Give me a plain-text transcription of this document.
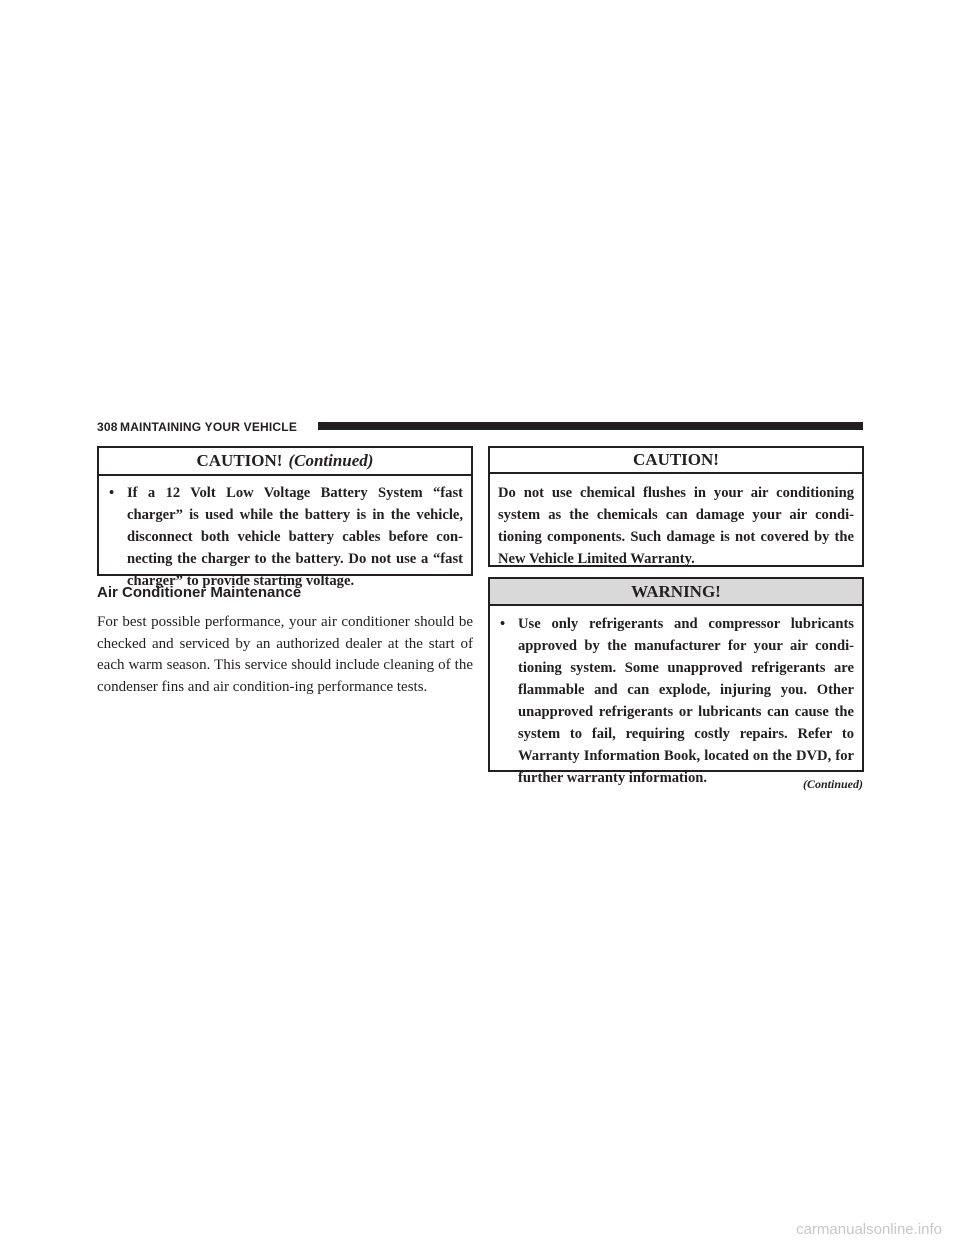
308 MAINTAINING YOUR VEHICLE
CAUTION! (Continued)
• If a 12 Volt Low Voltage Battery System “fast charger” is used while the battery is in the vehicle, disconnect both vehicle battery cables before con-necting the charger to the battery. Do not use a “fast charger” to provide starting voltage.
Air Conditioner Maintenance
For best possible performance, your air conditioner should be checked and serviced by an authorized dealer at the start of each warm season. This service should include cleaning of the condenser fins and air condition-ing performance tests.
CAUTION!
Do not use chemical flushes in your air conditioning system as the chemicals can damage your air condi-tioning components. Such damage is not covered by the New Vehicle Limited Warranty.
WARNING!
• Use only refrigerants and compressor lubricants approved by the manufacturer for your air condi-tioning system. Some unapproved refrigerants are flammable and can explode, injuring you. Other unapproved refrigerants or lubricants can cause the system to fail, requiring costly repairs. Refer to Warranty Information Book, located on the DVD, for further warranty information.	(Continued)
carmanualsonline.info
